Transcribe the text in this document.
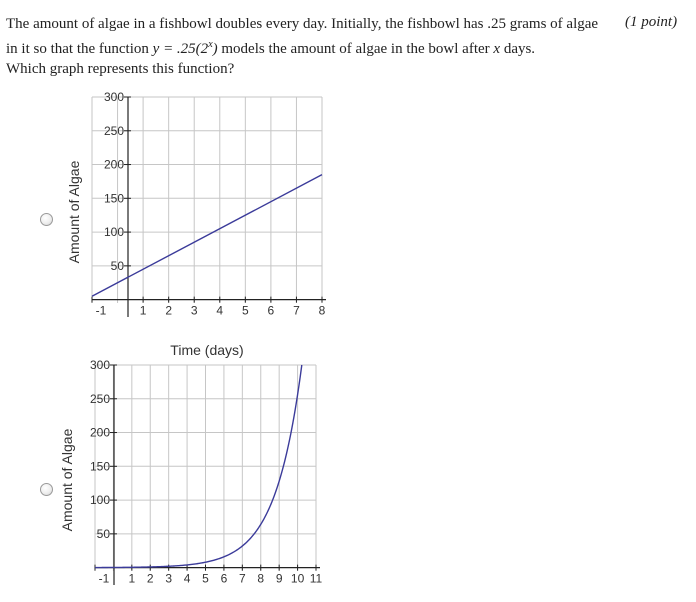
The amount of algae in a fishbowl doubles every day. Initially, the fishbowl has .25 grams of algae in it so that the function $y = .25(2^x)$ models the amount of algae in the bowl after x days.
Which graph represents this function?

(1 point)
Time (days)
Amount of Algae
-1	1 2 3 4 5 6 7 8
50
100
150
200
250
300
Amount of Algae
-1 1 2 3 4 5 6 7 8 9 10 11
50
100
150
200
250
300
